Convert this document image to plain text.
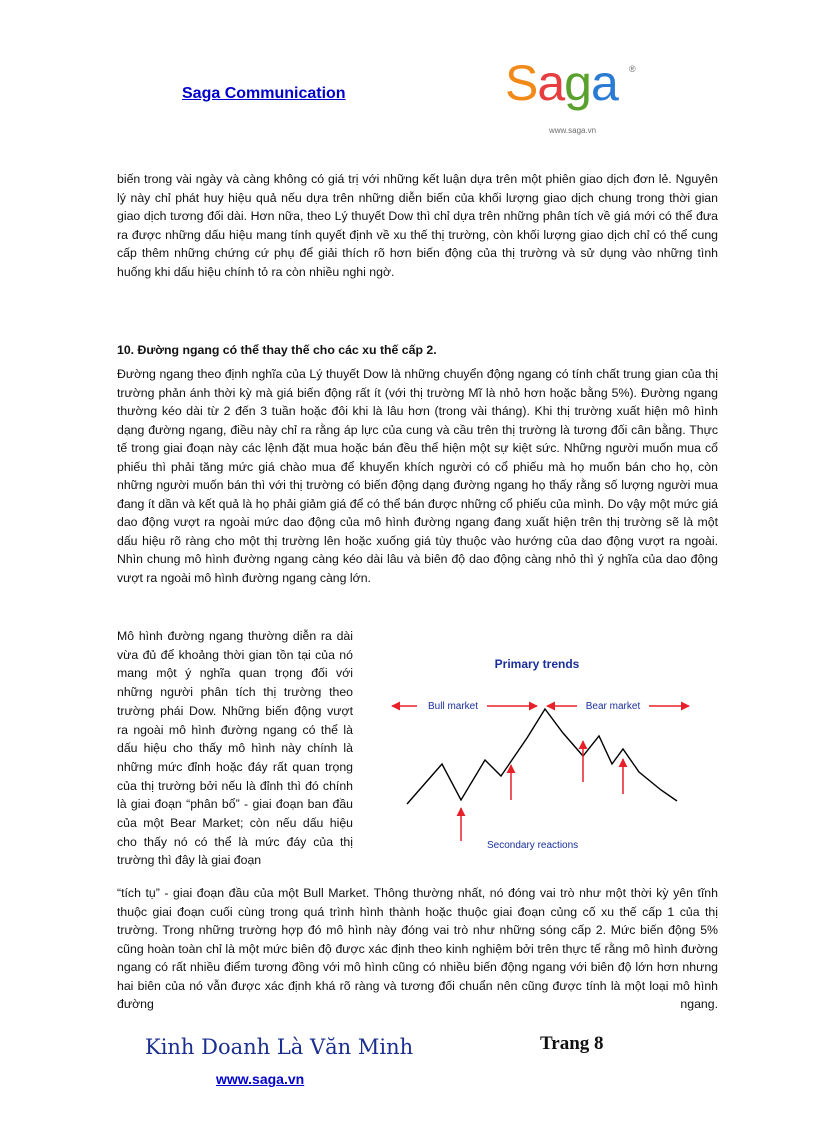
Saga Communication	Saga	®
www.saga.vn

biến trong vài ngày và càng không có giá trị với những kết luận dựa trên một phiên giao dịch đơn lẻ. Nguyên lý này chỉ phát huy hiệu quả nếu dựa trên những diễn biến của khối lượng giao dịch chung trong thời gian giao dịch tương đối dài. Hơn nữa, theo Lý thuyết Dow thì chỉ dựa trên những phân tích về giá mới có thể đưa ra được những dấu hiệu mang tính quyết định về xu thế thị trường, còn khối lượng giao dịch chỉ có thể cung cấp thêm những chứng cứ phụ để giải thích rõ hơn biến động của thị trường và sử dụng vào những tình huống khi dấu hiệu chính tỏ ra còn nhiều nghi ngờ.

10. Đường ngang có thể thay thế cho các xu thế cấp 2.

Đường ngang theo định nghĩa của Lý thuyết Dow là những chuyển động ngang có tính chất trung gian của thị trường phản ánh thời kỳ mà giá biến động rất ít (với thị trường Mĩ là nhỏ hơn hoặc bằng 5%). Đường ngang thường kéo dài từ 2 đến 3 tuần hoặc đôi khi là lâu hơn (trong vài tháng). Khi thị trường xuất hiện mô hình dạng đường ngang, điều này chỉ ra rằng áp lực của cung và cầu trên thị trường là tương đối cân bằng. Thực tế trong giai đoạn này các lệnh đặt mua hoặc bán đều thể hiện một sự kiệt sức. Những người muốn mua cổ phiếu thì phải tăng mức giá chào mua để khuyến khích người có cổ phiếu mà họ muốn bán cho họ, còn những người muốn bán thì với thị trường có biến động dạng đường ngang họ thấy rằng số lượng người mua đang ít dần và kết quả là họ phải giảm giá để có thể bán được những cổ phiếu của mình. Do vậy một mức giá dao động vượt ra ngoài mức dao động của mô hình đường ngang đang xuất hiện trên thị trường sẽ là một dấu hiệu rõ ràng cho một thị trường lên hoặc xuống giá tùy thuộc vào hướng của dao động vượt ra ngoài. Nhìn chung mô hình đường ngang càng kéo dài lâu và biên độ dao động càng nhỏ thì ý nghĩa của dao động vượt ra ngoài mô hình đường ngang càng lớn.

Mô hình đường ngang thường diễn ra dài vừa đủ để khoảng thời gian tồn tại của nó mang một ý nghĩa quan trọng đối với những người phân tích thị trường theo trường phái Dow. Những biến động vượt ra ngoài mô hình đường ngang có thể là dấu hiệu cho thấy mô hình này chính là những mức đỉnh hoặc đáy rất quan trọng của thị trường bởi nếu là đỉnh thì đó chính là giai đoạn “phân bổ” - giai đoạn ban đầu của một Bear Market; còn nếu dấu hiệu cho thấy nó có thể là mức đáy của thị trường thì đây là giai đoạn

Primary trends
Bull market	Bear market
Secondary reactions

“tích tụ” - giai đoạn đầu của một Bull Market. Thông thường nhất, nó đóng vai trò như một thời kỳ yên tĩnh thuộc giai đoạn cuối cùng trong quá trình hình thành hoặc thuộc giai đoạn củng cố xu thế cấp 1 của thị trường. Trong những trường hợp đó mô hình này đóng vai trò như những sóng cấp 2. Mức biến động 5% cũng hoàn toàn chỉ là một mức biên độ được xác định theo kinh nghiệm bởi trên thực tế rằng mô hình đường ngang có rất nhiều điểm tương đồng với mô hình cũng có nhiều biến động ngang với biên độ lớn hơn nhưng hai biên của nó vẫn được xác định khá rõ ràng và tương đối chuẩn nên cũng được tính là một loại mô hình đường ngang.

Kinh Doanh Là Văn Minh	Trang 8
www.saga.vn
